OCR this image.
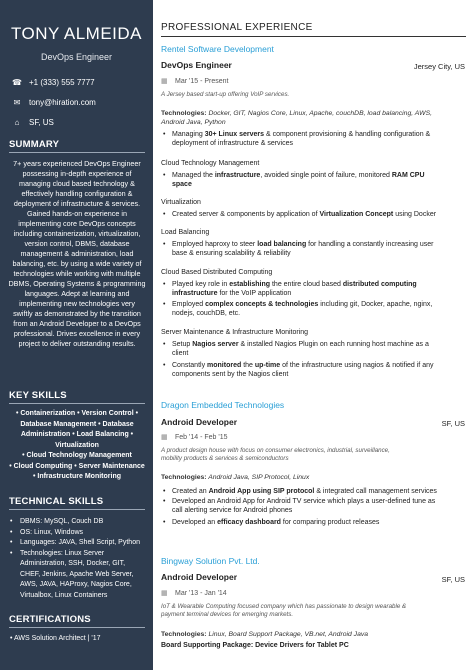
TONY ALMEIDA
DevOps Engineer
☎ +1 (333) 555 7777
✉	tony@hiration.com
⌂	SF, US
SUMMARY
7+ years experienced DevOps Engineer
possessing in-depth experience of
managing cloud based technology &
effectively handling configuration &
deployment of infrastructure & services.
Gained hands-on experience in
implementing core DevOps concepts
including containerization, virtualization,
version control, DBMS, database
management & administration, load
balancing, etc. by using a wide variety of
technologies while working with multiple
DBMS, Operating Systems & programming
languages. Adept at learning and
implementing new technologies very
swiftly as demonstrated by the transition
from an Android Developer to a DevOps
professional. Drives excellence in every
project to deliver outstanding results.
KEY SKILLS
• Containerization • Version Control •
Database Management • Database
Administration • Load Balancing •
Virtualization
• Cloud Technology Management
• Cloud Computing • Server Maintenance
• Infrastructure Monitoring
TECHNICAL SKILLS
•	DBMS: MySQL, Couch DB
•	OS: Linux, Windows
•	Languages: JAVA, Shell Script, Python
•	Technologies: Linux Server
Administration, SSH, Docker, GIT,
CHEF, Jenkins, Apache Web Server,
AWS, JAVA, HAProxy, Nagios Core,
Virtualbox, Linux Containers
CERTIFICATIONS
• AWS Solution Architect | '17
PROFESSIONAL EXPERIENCE
Rentel Software Development
DevOps Engineer	Jersey City, US
▦	Mar '15 - Present
A Jersey based start-up offering VoIP services.
Technologies: Docker, GIT, Nagios Core, Linux, Apache, couchDB, load balancing, AWS,
Android Java, Python
• Managing 30+ Linux servers & component provisioning & handling configuration &
deployment of infrastructure & services
Cloud Technology Management
• Managed the infrastructure, avoided single point of failure, monitored RAM CPU
space
Virtualization
• Created server & components by application of Virtualization Concept using Docker
Load Balancing
• Employed haproxy to steer load balancing for handling a constantly increasing user
base & ensuring scalability & reliability
Cloud Based Distributed Computing
• Played key role in establishing the entire cloud based distributed computing
infrastructure for the VoIP application
• Employed complex concepts & technologies including git, Docker, apache, nginx,
nodejs, couchDB, etc.
Server Maintenance & Infrastructure Monitoring
• Setup Nagios server & installed Nagios Plugin on each running host machine as a
client
• Constantly monitored the up-time of the infrastructure using nagios & notified if any
components sent by the Nagios client
Dragon Embedded Technologies
Android Developer	SF, US
▦	Feb '14 - Feb '15
A product design house with focus on consumer electronics, industrial, surveillance,
mobility products & services & semiconductors
Technologies: Android Java, SIP Protocol, Linux
• Created an Android App using SIP protocol & integrated call management services
• Developed an Android App for Android TV service which plays a user-defined tune as
call alerting service for Android phones
• Developed an efficacy dashboard for comparing product releases
Bingway Solution Pvt. Ltd.
Android Developer	SF, US
▦	Mar '13 - Jan '14
IoT & Wearable Computing focused company which has passionate to design wearable &
payment terminal devices for emerging markets.
Technologies: Linux, Board Support Package, VB.net, Android Java
Board Supporting Package: Device Drivers for Tablet PC
